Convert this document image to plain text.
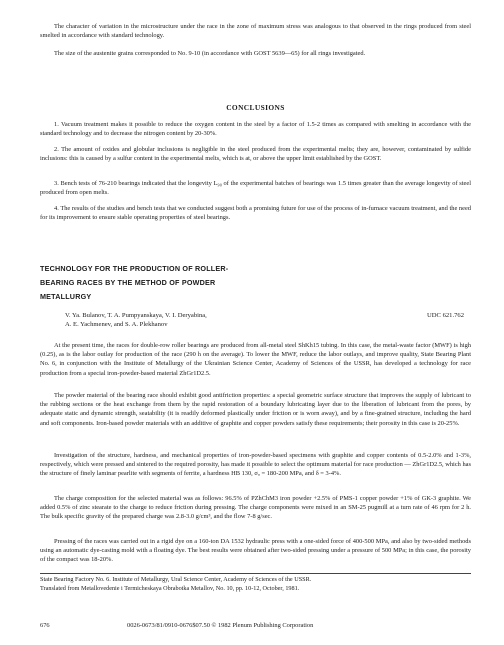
The character of variation in the microstructure under the race in the zone of maximum stress was analogous to that observed in the rings produced from steel smelted in accordance with standard technology.

The size of the austenite grains corresponded to No. 9-10 (in accordance with GOST 5639—65) for all rings investigated.

CONCLUSIONS

1. Vacuum treatment makes it possible to reduce the oxygen content in the steel by a factor of 1.5-2 times as compared with smelting in accordance with the standard technology and to decrease the nitrogen content by 20-30%.

2. The amount of oxides and globular inclusions is negligible in the steel produced from the experimental melts; they are, however, contaminated by sulfide inclusions: this is caused by a sulfur content in the experimental melts, which is at, or above the upper limit established by the GOST.

3. Bench tests of 76-210 bearings indicated that the longevity L₉₀ of the experimental batches of bearings was 1.5 times greater than the average longevity of steel produced from open melts.

4. The results of the studies and bench tests that we conducted suggest both a promising future for use of the process of in-furnace vacuum treatment, and the need for its improvement to ensure stable operating properties of steel bearings.

TECHNOLOGY FOR THE PRODUCTION OF ROLLER-
BEARING RACES BY THE METHOD OF POWDER
METALLURGY
V. Ya. Bulanov, T. A. Pumpyanskaya, V. I. Deryabina,
A. E. Yachmenev, and S. A. Plekhanov
UDC 621.762

At the present time, the races for double-row roller bearings are produced from all-metal steel ShKh15 tubing. In this case, the metal-waste factor (MWF) is high (0.25), as is the labor outlay for production of the race (290 h on the average). To lower the MWF, reduce the labor outlays, and improve quality, State Bearing Plant No. 6, in conjunction with the Institute of Metallurgy of the Ukrainian Science Center, Academy of Sciences of the USSR, has developed a technology for race production from a special iron-powder-based material ZhGr1D2.5.

The powder material of the bearing race should exhibit good antifriction properties: a special geometric surface structure that improves the supply of lubricant to the rubbing sections or the heat exchange from them by the rapid restoration of a boundary lubricating layer due to the liberation of lubricant from the pores, by adequate static and dynamic strength, seatability (it is readily deformed plastically under friction or is worn away), and by a fine-grained structure, including the hard and soft components. Iron-based powder materials with an additive of graphite and copper powders satisfy these requirements; their porosity in this case is 20-25%.

Investigation of the structure, hardness, and mechanical properties of iron-powder-based specimens with graphite and copper contents of 0.5-2.0% and 1-3%, respectively, which were pressed and sintered to the required porosity, has made it possible to select the optimum material for race production — ZhGr1D2.5, which has the structure of finely laminar pearlite with segments of ferrite, a hardness HB 130, σᵤ = 180-200 MPa, and δ = 3-4%.

The charge composition for the selected material was as follows: 96.5% of PZhChM3 iron powder +2.5% of PMS-1 copper powder +1% of GK-3 graphite. We added 0.5% of zinc stearate to the charge to reduce friction during pressing. The charge components were mixed in an SM-25 pugmill at a turn rate of 46 rpm for 2 h. The bulk specific gravity of the prepared charge was 2.8-3.0 g/cm³, and the flow 7-8 g/sec.

Pressing of the races was carried out in a rigid dye on a 160-ton DA 1532 hydraulic press with a one-sided force of 400-500 MPa, and also by two-sided methods using an automatic dye-casting mold with a floating dye. The best results were obtained after two-sided pressing under a pressure of 500 MPa; in this case, the porosity of the compact was 18-20%.

State Bearing Factory No. 6. Institute of Metallurgy, Ural Science Center, Academy of Sciences of the USSR.
Translated from Metallovedenie i Termicheskaya Obrabotka Metallov, No. 10, pp. 10-12, October, 1981.
676	0026-0673/81/0910-0676$07.50 © 1982 Plenum Publishing Corporation
